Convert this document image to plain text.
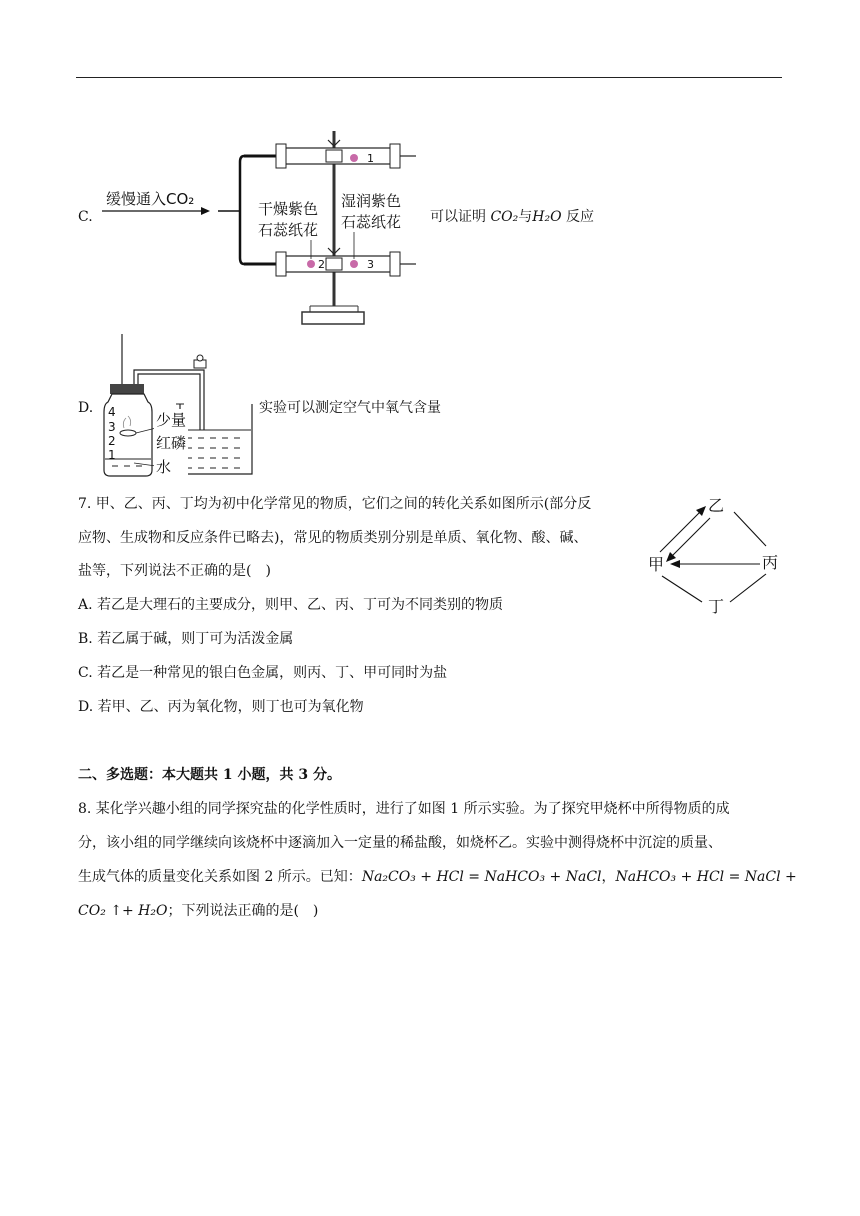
C.
缓慢通入CO₂
1
2	3
干燥紫色
石蕊纸花
湿润紫色
石蕊纸花 可以证明 CO₂与H₂O 反应
D. 4
3
2
1
少量
红磷
水
实验可以测定空气中氧气含量
7. 甲、乙、丙、丁均为初中化学常见的物质，它们之间的转化关系如图所示(部分反
应物、生成物和反应条件已略去)，常见的物质类别分别是单质、氧化物、酸、碱、
盐等，下列说法不正确的是(　)
A. 若乙是大理石的主要成分，则甲、乙、丙、丁可为不同类别的物质
B. 若乙属于碱，则丁可为活泼金属
C. 若乙是一种常见的银白色金属，则丙、丁、甲可同时为盐
D. 若甲、乙、丙为氧化物，则丁也可为氧化物
乙
甲	丙
丁
二、多选题：本大题共 1 小题，共 3 分。
8. 某化学兴趣小组的同学探究盐的化学性质时，进行了如图 1 所示实验。为了探究甲烧杯中所得物质的成
分，该小组的同学继续向该烧杯中逐滴加入一定量的稀盐酸，如烧杯乙。实验中测得烧杯中沉淀的质量、
生成气体的质量变化关系如图 2 所示。已知：Na₂CO₃ + HCl = NaHCO₃ + NaCl，NaHCO₃ + HCl = NaCl +
CO₂ ↑+ H₂O；下列说法正确的是(　)
